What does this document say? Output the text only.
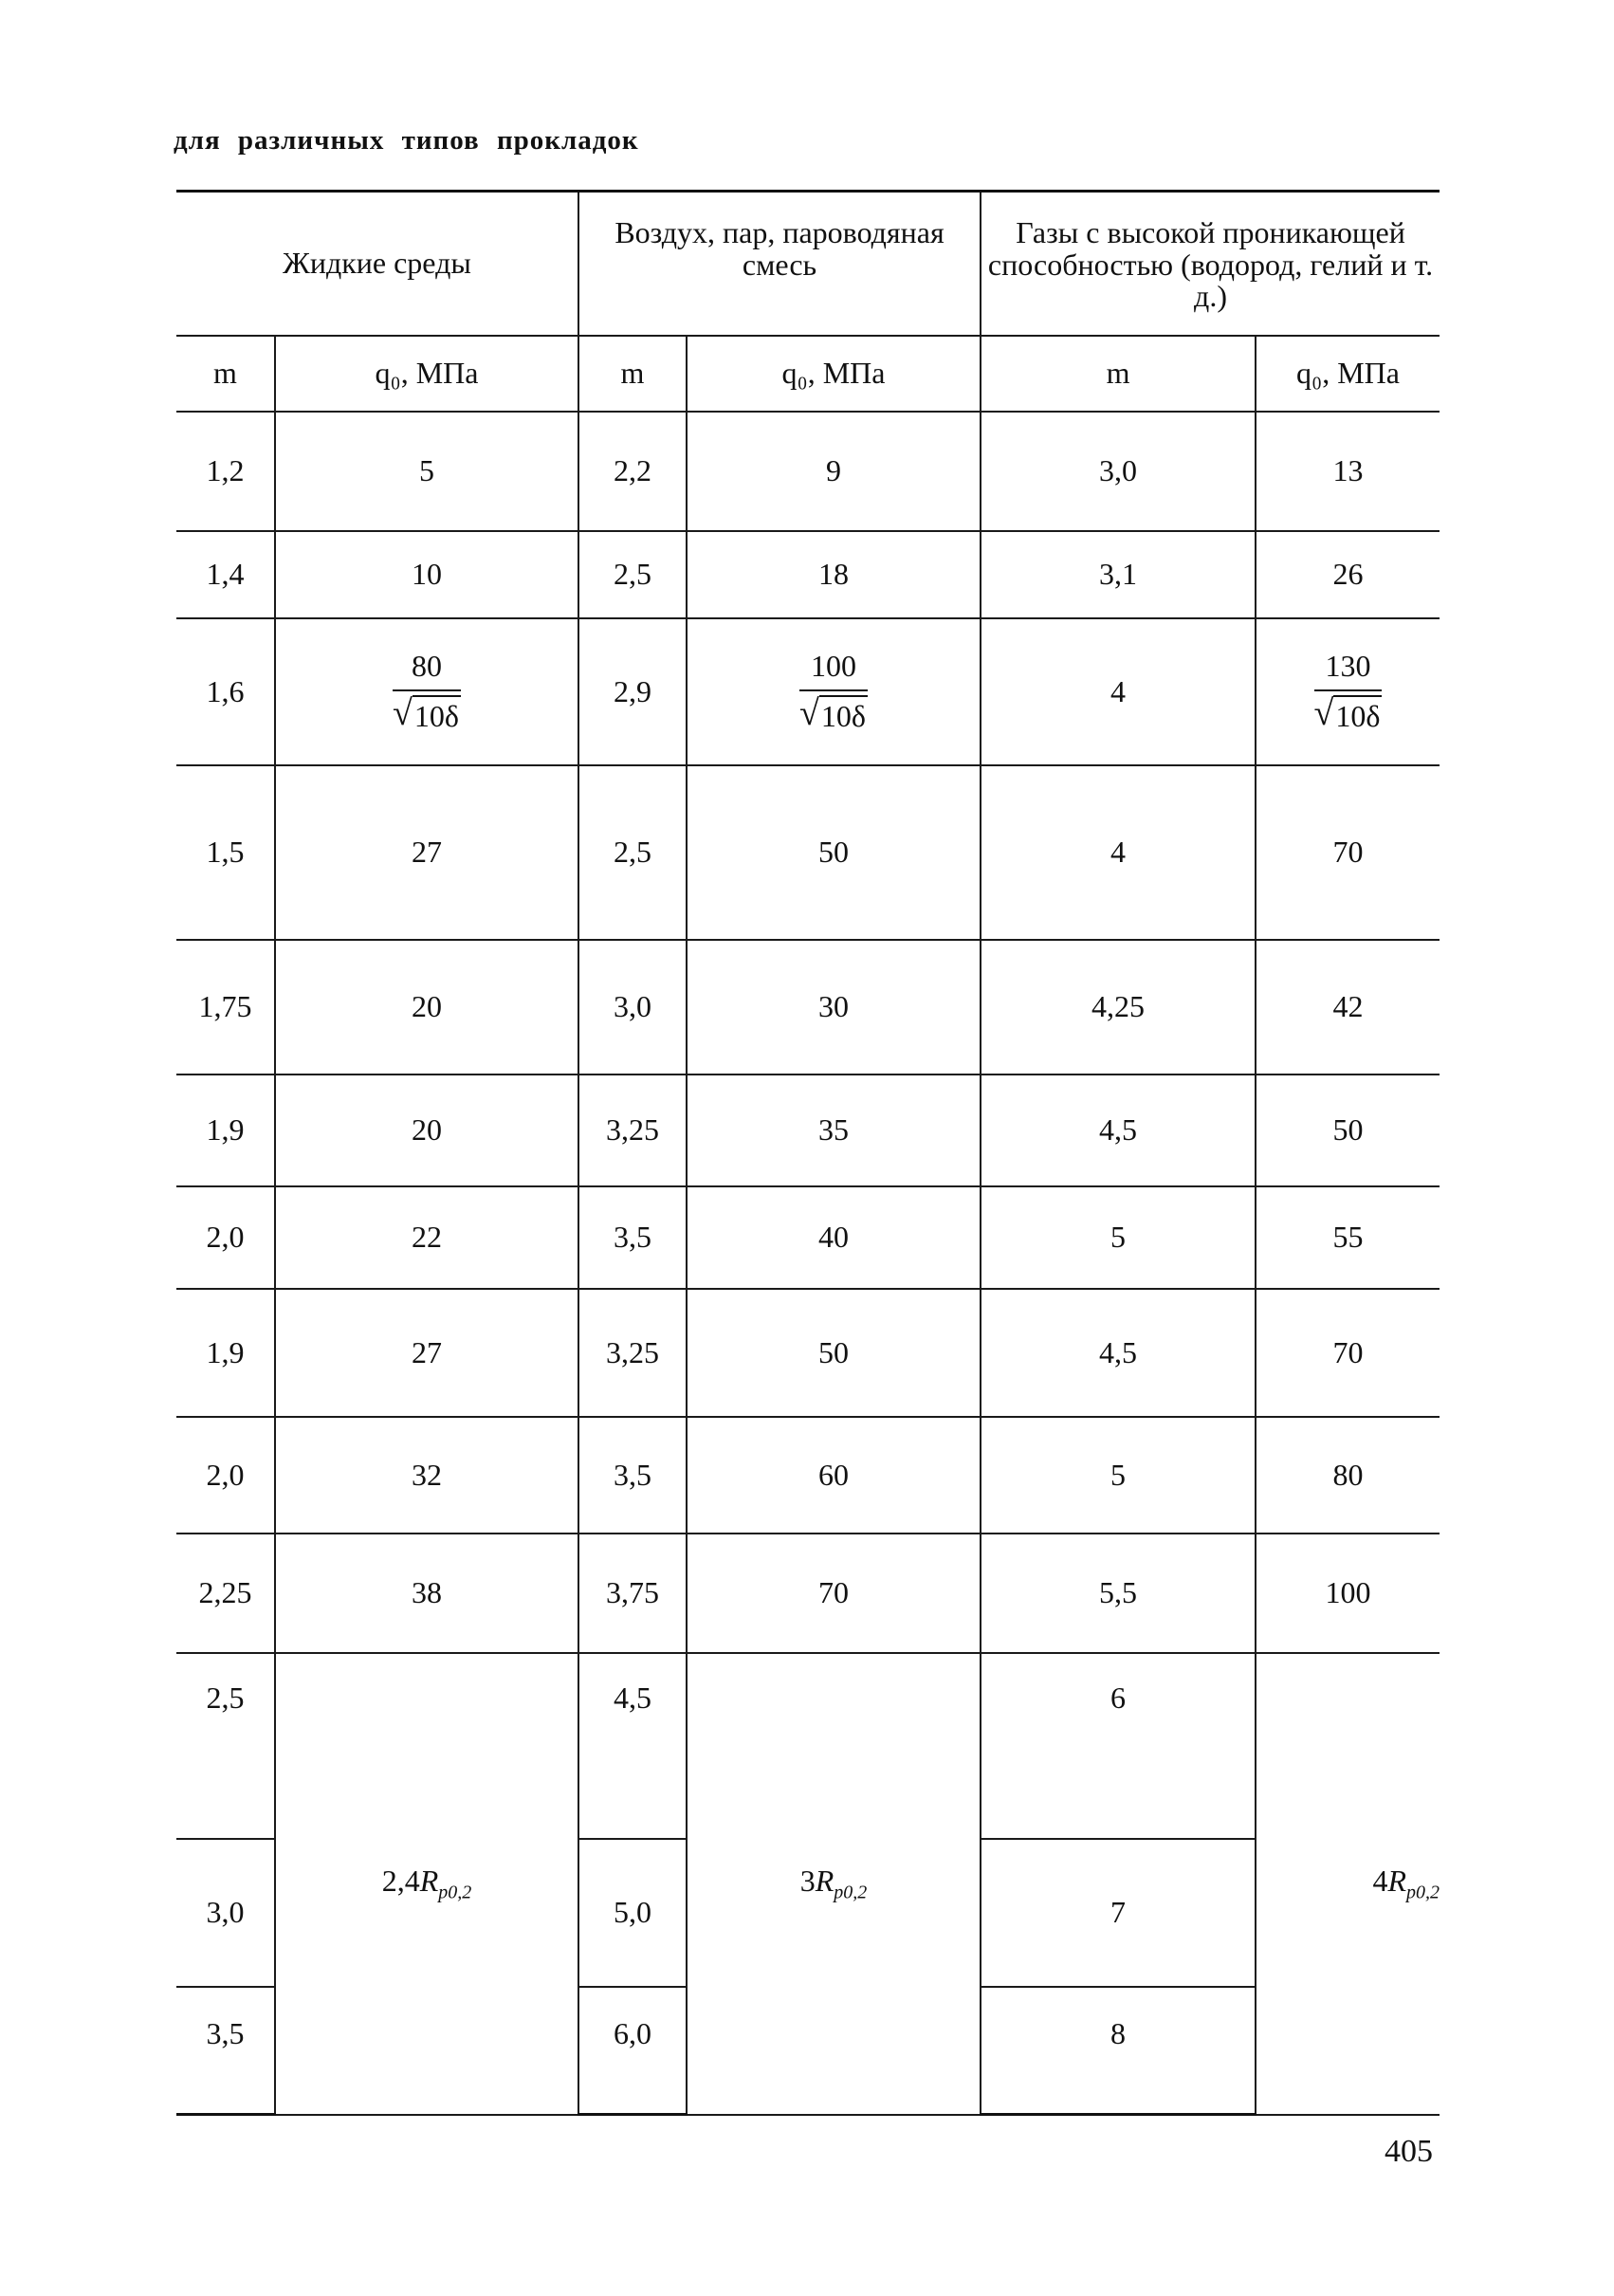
для различных типов прокладок
Жидкие среды		Воздух, пар, пароводяная смесь		Газы с высокой проникающей способностью (водород, гелий и т. д.)	
m	q₀, МПа	m	q₀, МПа	m	q₀, МПа
1,2	5	2,2	9	3,0	13
1,4	10	2,5	18	3,1	26
1,6	$\frac{80}{√ 10\delta}$	2,9	$\frac{100}{√ 10\delta}$	4	$\frac{130}{√ 10\delta}$

1,5	27	2,5	50	4	70
1,75	20	3,0	30	4,25	42
1,9	20	3,25	35	4,5	50
2,0	22	3,5	40	5	55
1,9	27	3,25	50	4,5	70
2,0	32	3,5	60	5	80
2,25	38	3,75	70	5,5	100
2,5	$2,4R_{p0,2}$	4,5	$3R_{p0,2}$	6	$4R_{p0,2}$
3,0		5,0		7	
3,5		6,0		8	
405
